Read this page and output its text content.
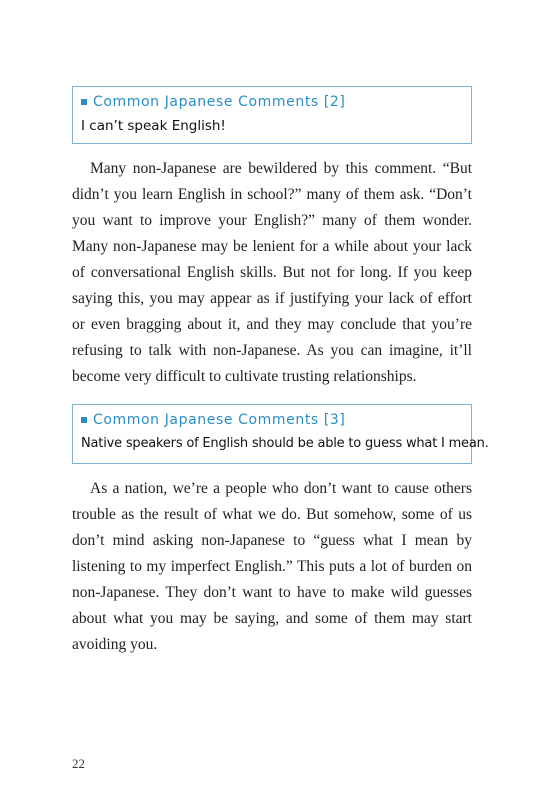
Common Japanese Comments [2]
I can’t speak English!

Many non-Japanese are bewildered by this comment. “But didn’t you learn English in school?” many of them ask. “Don’t you want to improve your English?” many of them wonder. Many non-Japanese may be lenient for a while about your lack of conversational English skills. But not for long. If you keep saying this, you may appear as if justifying your lack of effort or even bragging about it, and they may conclude that you’re refusing to talk with non-Japanese. As you can imagine, it’ll become very difficult to cultivate trusting relationships.

Common Japanese Comments [3]
Native speakers of English should be able to guess what I mean.

As a nation, we’re a people who don’t want to cause others trouble as the result of what we do. But somehow, some of us don’t mind asking non-Japanese to “guess what I mean by listening to my imperfect English.” This puts a lot of burden on non-Japanese. They don’t want to have to make wild guesses about what you may be saying, and some of them may start avoiding you.

22
